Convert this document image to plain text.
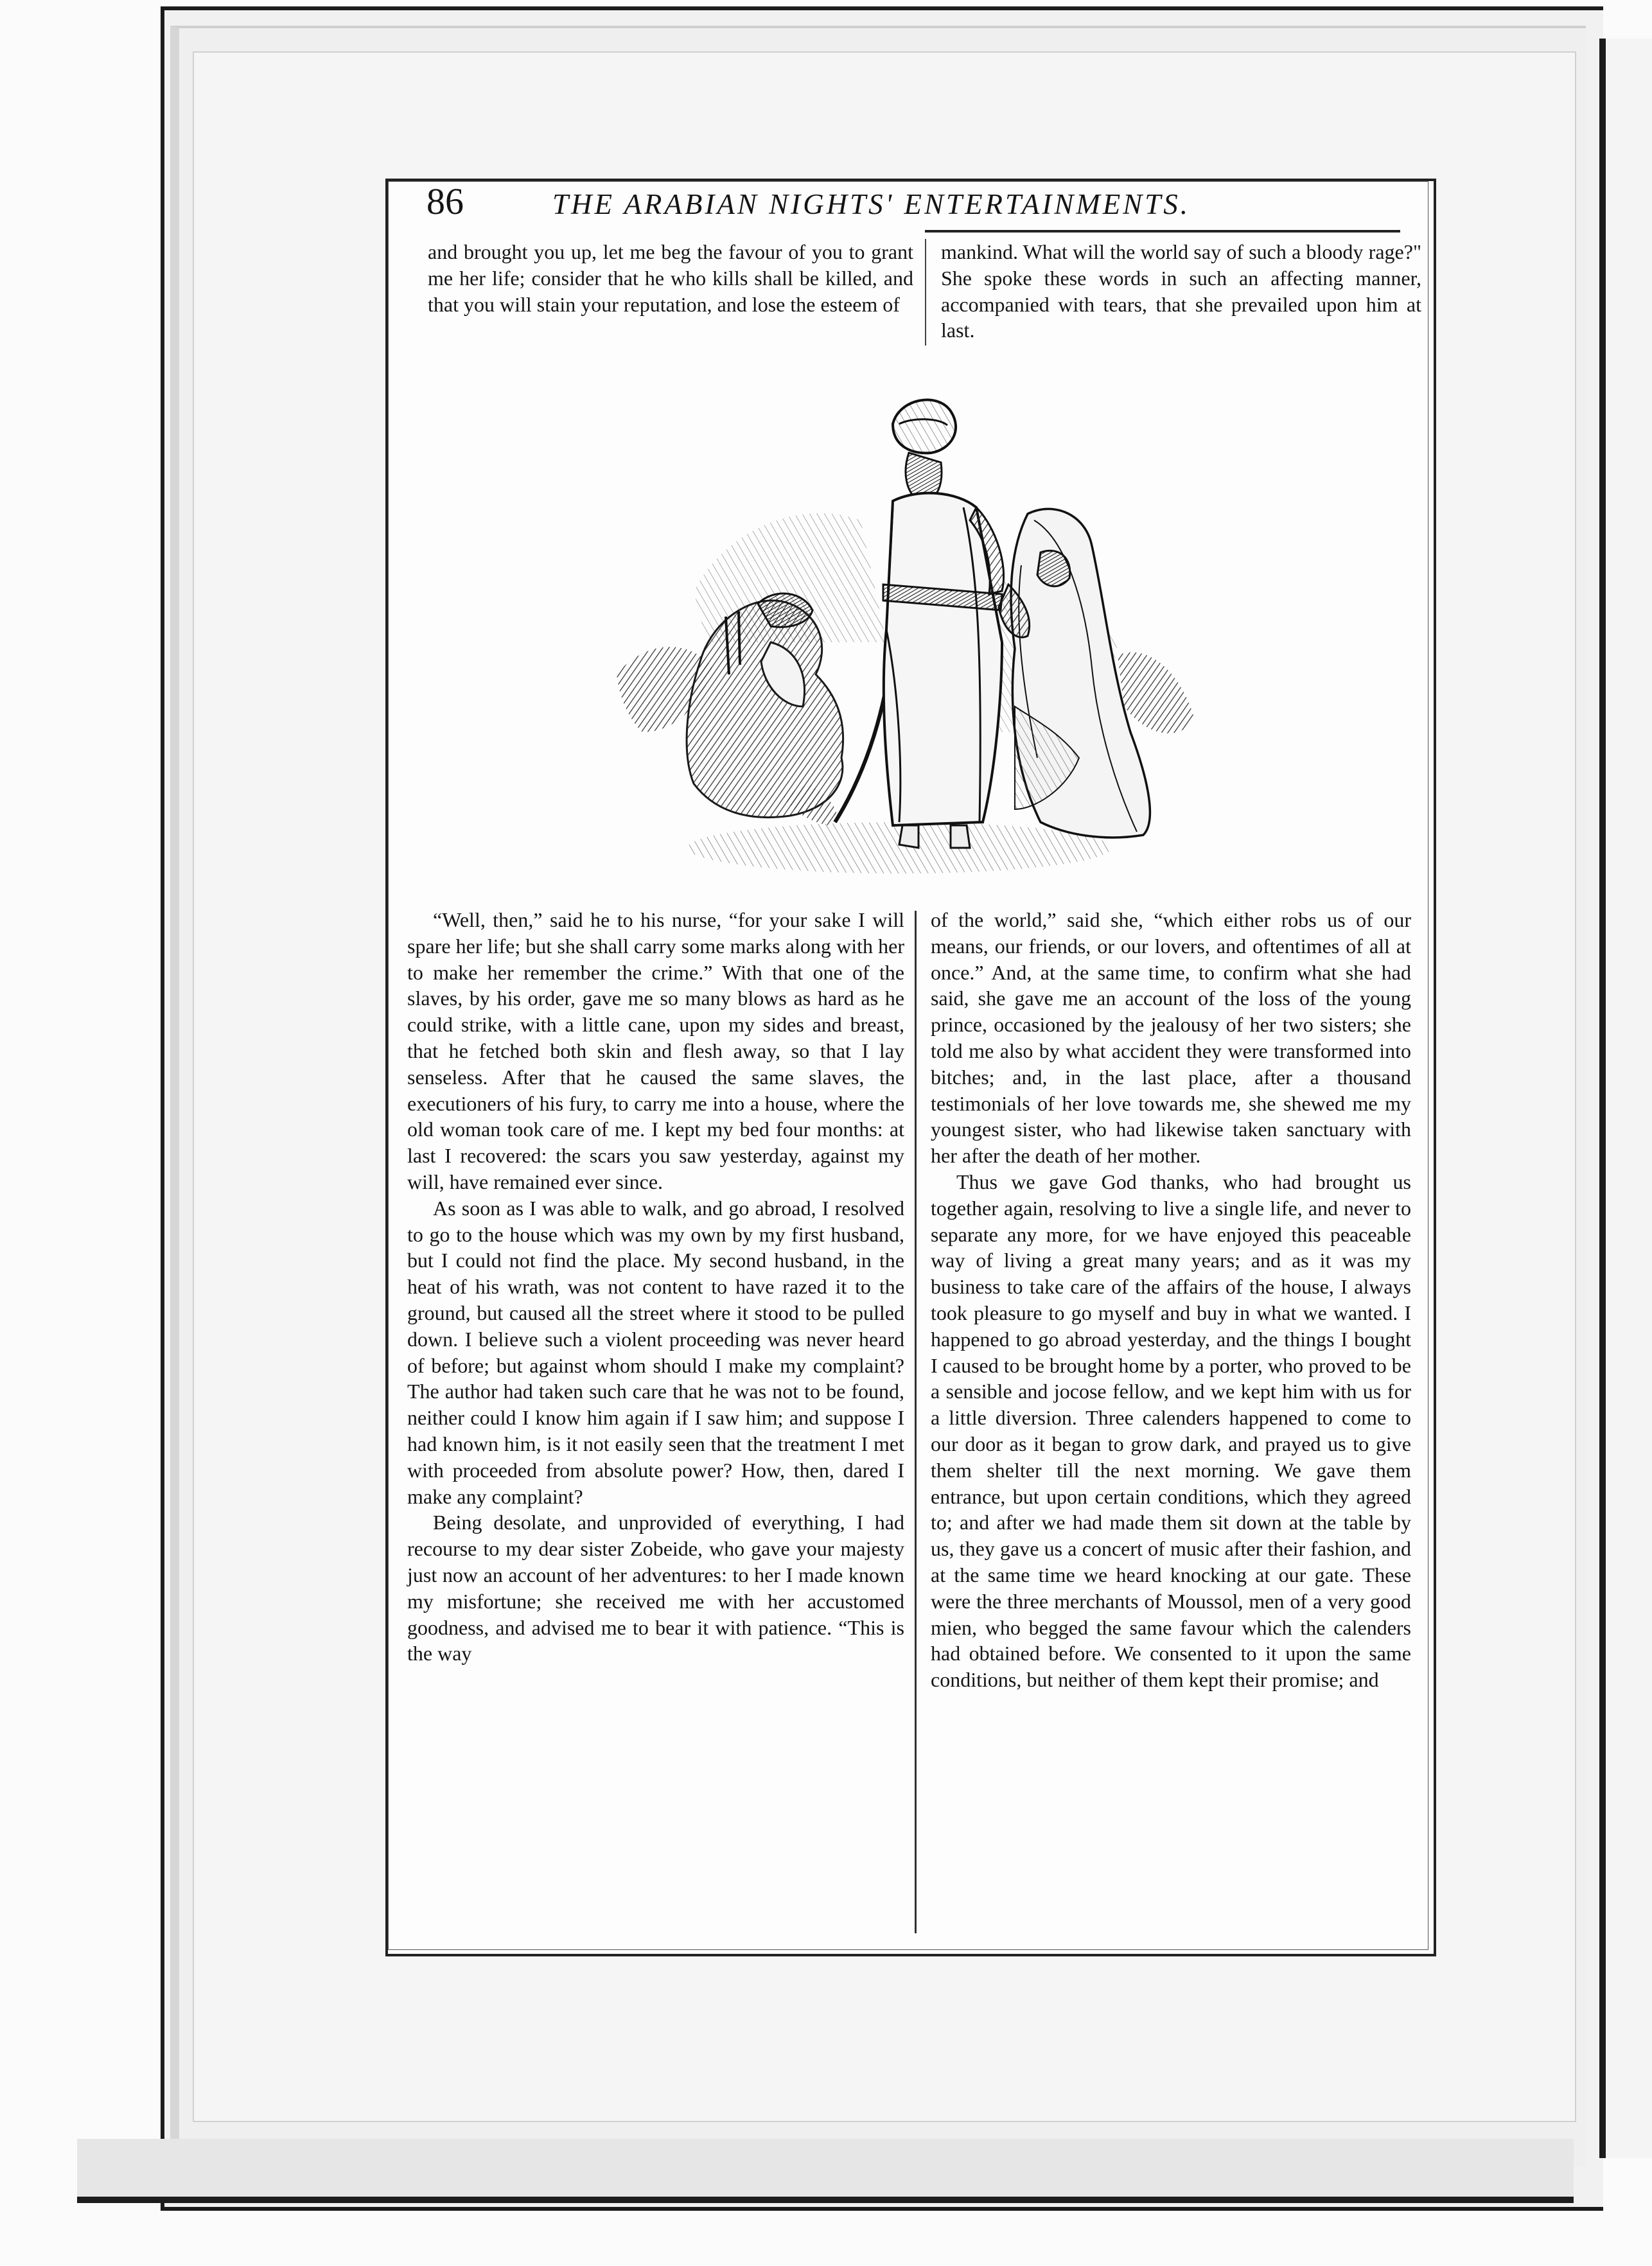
86	THE ARABIAN NIGHTS' ENTERTAINMENTS.

and brought you up, let me beg the favour of you to grant me her life; consider that he who kills shall be killed, and that you will stain your reputation, and lose the esteem of

mankind. What will the world say of such a bloody rage?" She spoke these words in such an affecting manner, accompanied with tears, that she prevailed upon him at last.

“Well, then,” said he to his nurse, “for your sake I will spare her life; but she shall carry some marks along with her to make her remember the crime.” With that one of the slaves, by his order, gave me so many blows as hard as he could strike, with a little cane, upon my sides and breast, that he fetched both skin and flesh away, so that I lay senseless. After that he caused the same slaves, the executioners of his fury, to carry me into a house, where the old woman took care of me. I kept my bed four months: at last I recovered: the scars you saw yesterday, against my will, have remained ever since.

As soon as I was able to walk, and go abroad, I resolved to go to the house which was my own by my first husband, but I could not find the place. My second husband, in the heat of his wrath, was not content to have razed it to the ground, but caused all the street where it stood to be pulled down. I believe such a violent proceeding was never heard of before; but against whom should I make my complaint? The author had taken such care that he was not to be found, neither could I know him again if I saw him; and suppose I had known him, is it not easily seen that the treatment I met with proceeded from absolute power? How, then, dared I make any complaint?

Being desolate, and unprovided of everything, I had recourse to my dear sister Zobeide, who gave your majesty just now an account of her adventures: to her I made known my misfortune; she received me with her accustomed goodness, and advised me to bear it with patience. “This is the way

of the world,” said she, “which either robs us of our means, our friends, or our lovers, and oftentimes of all at once.” And, at the same time, to confirm what she had said, she gave me an account of the loss of the young prince, occasioned by the jealousy of her two sisters; she told me also by what accident they were transformed into bitches; and, in the last place, after a thousand testimonials of her love towards me, she shewed me my youngest sister, who had likewise taken sanctuary with her after the death of her mother.

Thus we gave God thanks, who had brought us together again, resolving to live a single life, and never to separate any more, for we have enjoyed this peaceable way of living a great many years; and as it was my business to take care of the affairs of the house, I always took pleasure to go myself and buy in what we wanted. I happened to go abroad yesterday, and the things I bought I caused to be brought home by a porter, who proved to be a sensible and jocose fellow, and we kept him with us for a little diversion. Three calenders happened to come to our door as it began to grow dark, and prayed us to give them shelter till the next morning. We gave them entrance, but upon certain conditions, which they agreed to; and after we had made them sit down at the table by us, they gave us a concert of music after their fashion, and at the same time we heard knocking at our gate. These were the three merchants of Moussol, men of a very good mien, who begged the same favour which the calenders had obtained before. We consented to it upon the same conditions, but neither of them kept their promise; and
